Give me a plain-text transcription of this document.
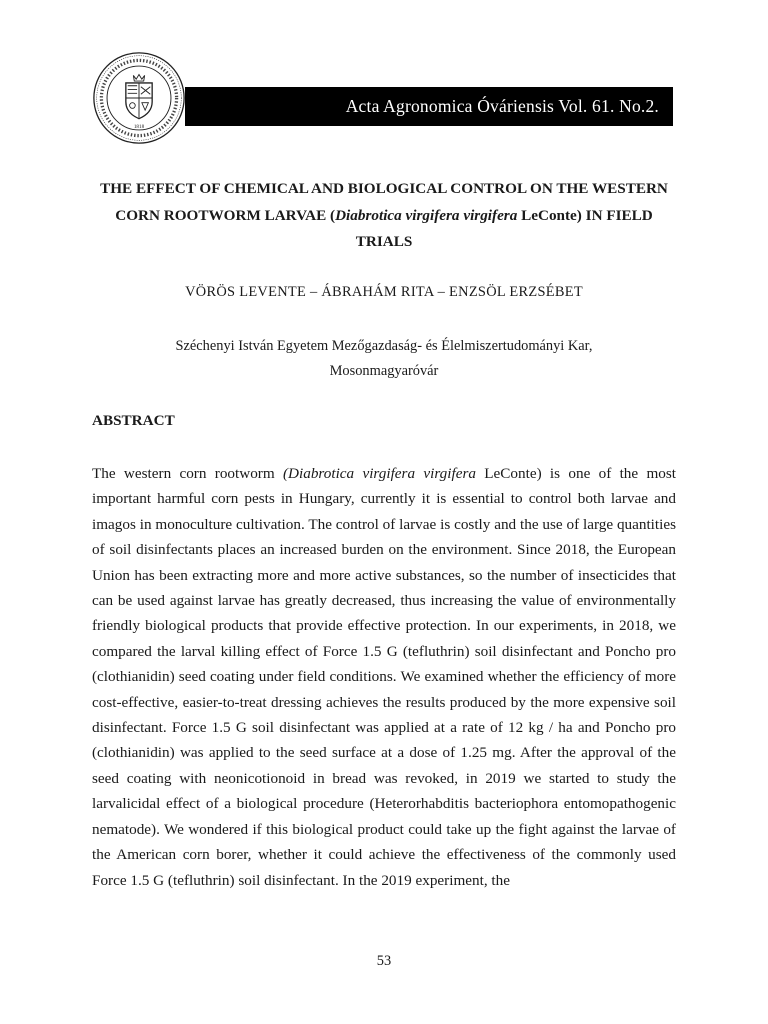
1818
Acta Agronomica Óváriensis Vol. 61. No.2.
THE EFFECT OF CHEMICAL AND BIOLOGICAL CONTROL ON THE WESTERN CORN ROOTWORM LARVAE (Diabrotica virgifera virgifera LeConte) IN FIELD TRIALS
VÖRÖS LEVENTE – ÁBRAHÁM RITA – ENZSÖL ERZSÉBET
Széchenyi István Egyetem Mezőgazdaság- és Élelmiszertudományi Kar,
Mosonmagyaróvár
ABSTRACT

The western corn rootworm (Diabrotica virgifera virgifera LeConte) is one of the most important harmful corn pests in Hungary, currently it is essential to control both larvae and imagos in monoculture cultivation. The control of larvae is costly and the use of large quantities of soil disinfectants places an increased burden on the environment. Since 2018, the European Union has been extracting more and more active substances, so the number of insecticides that can be used against larvae has greatly decreased, thus increasing the value of environmentally friendly biological products that provide effective protection. In our experiments, in 2018, we compared the larval killing effect of Force 1.5 G (tefluthrin) soil disinfectant and Poncho pro (clothianidin) seed coating under field conditions. We examined whether the efficiency of more cost-effective, easier-to-treat dressing achieves the results produced by the more expensive soil disinfectant. Force 1.5 G soil disinfectant was applied at a rate of 12 kg / ha and Poncho pro (clothianidin) was applied to the seed surface at a dose of 1.25 mg. After the approval of the seed coating with neonicotionoid in bread was revoked, in 2019 we started to study the larvalicidal effect of a biological procedure (Heterorhabditis bacteriophora entomopathogenic nematode). We wondered if this biological product could take up the fight against the larvae of the American corn borer, whether it could achieve the effectiveness of the commonly used Force 1.5 G (tefluthrin) soil disinfectant. In the 2019 experiment, the

53
